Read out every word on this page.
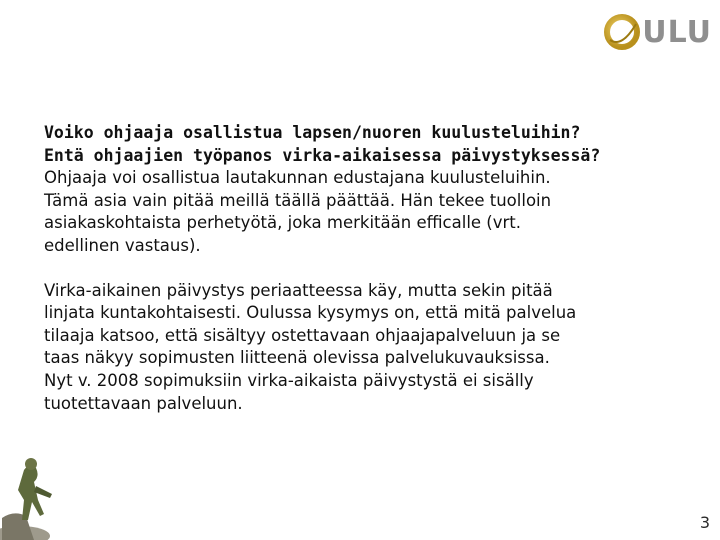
ULU
Voiko ohjaaja osallistua lapsen/nuoren kuulusteluihin?
Entä ohjaajien työpanos virka-aikaisessa päivystyksessä?
Ohjaaja voi osallistua lautakunnan edustajana kuulusteluihin.
Tämä asia vain pitää meillä täällä päättää. Hän tekee tuolloin
asiakaskohtaista perhetyötä, joka merkitään efficalle (vrt.
edellinen vastaus).
Virka-aikainen päivystys periaatteessa käy, mutta sekin pitää
linjata kuntakohtaisesti. Oulussa kysymys on, että mitä palvelua
tilaaja katsoo, että sisältyy ostettavaan ohjaajapalveluun ja se
taas näkyy sopimusten liitteenä olevissa palvelukuvauksissa.
Nyt v. 2008 sopimuksiin virka-aikaista päivystystä ei sisälly
tuotettavaan palveluun.
3
